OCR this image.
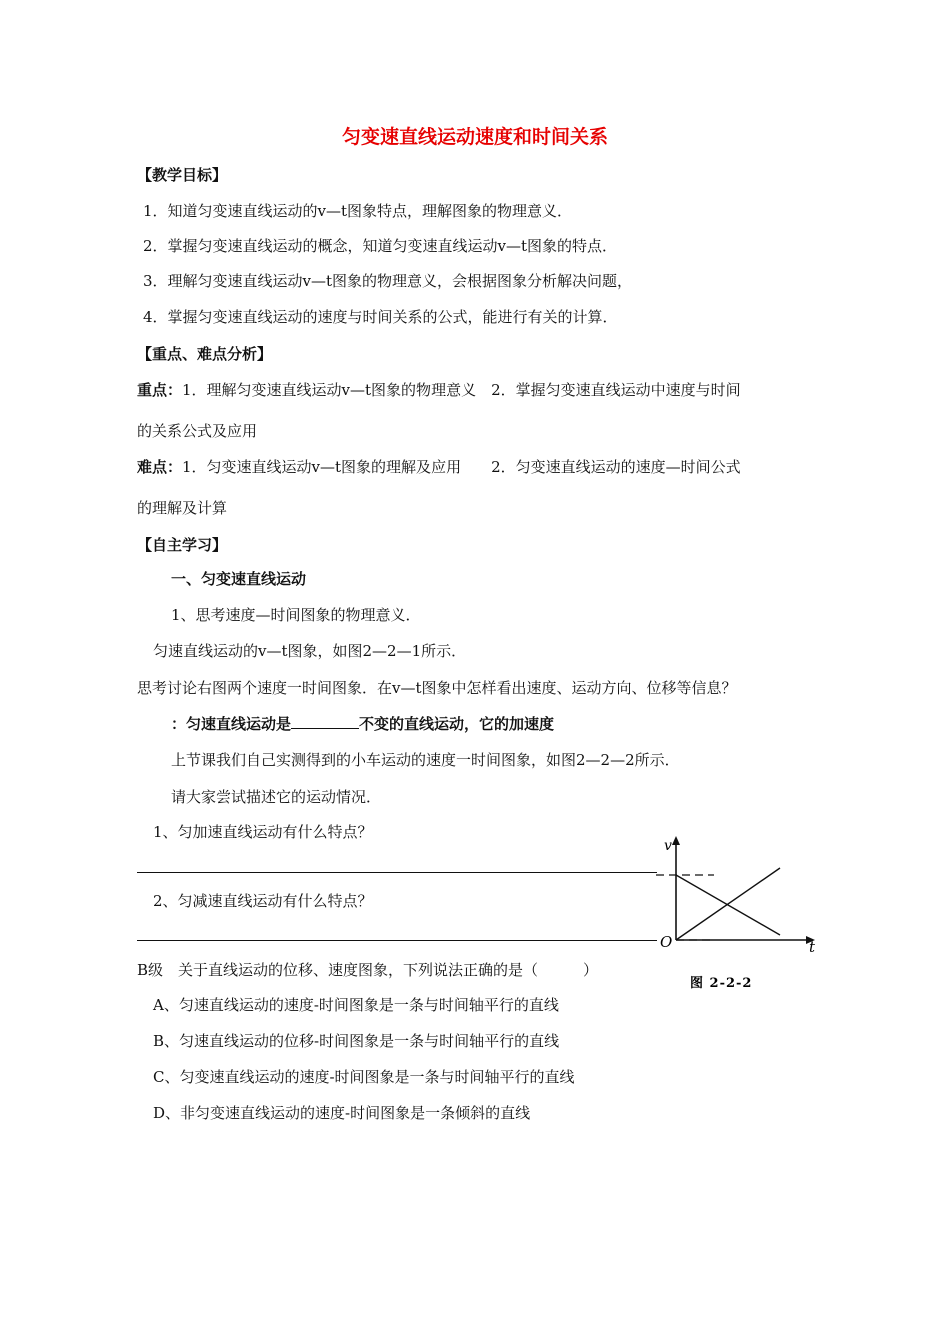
匀变速直线运动速度和时间关系
【教学目标】
1．知道匀变速直线运动的v—t图象特点，理解图象的物理意义．
2．掌握匀变速直线运动的概念，知道匀变速直线运动v—t图象的特点．
3．理解匀变速直线运动v—t图象的物理意义，会根据图象分析解决问题，
4．掌握匀变速直线运动的速度与时间关系的公式，能进行有关的计算．
【重点、难点分析】
重点：1．理解匀变速直线运动v—t图象的物理意义　2．掌握匀变速直线运动中速度与时间
的关系公式及应用
难点：1．匀变速直线运动v—t图象的理解及应用　　2．匀变速直线运动的速度—时间公式
的理解及计算
【自主学习】
一、匀变速直线运动
1、思考速度—时间图象的物理意义．
匀速直线运动的v—t图象，如图2—2—1所示．
思考讨论右图两个速度一时间图象．在v—t图象中怎样看出速度、运动方向、位移等信息？
：匀速直线运动是	不变的直线运动，它的加速度
上节课我们自己实测得到的小车运动的速度一时间图象，如图2—2—2所示．
请大家尝试描述它的运动情况．
1、匀加速直线运动有什么特点？
2、匀减速直线运动有什么特点？
v
t
O
图 2-2-2
B级　关于直线运动的位移、速度图象，下列说法正确的是（　　　）
A、匀速直线运动的速度-时间图象是一条与时间轴平行的直线
B、匀速直线运动的位移-时间图象是一条与时间轴平行的直线
C、匀变速直线运动的速度-时间图象是一条与时间轴平行的直线
D、非匀变速直线运动的速度-时间图象是一条倾斜的直线
